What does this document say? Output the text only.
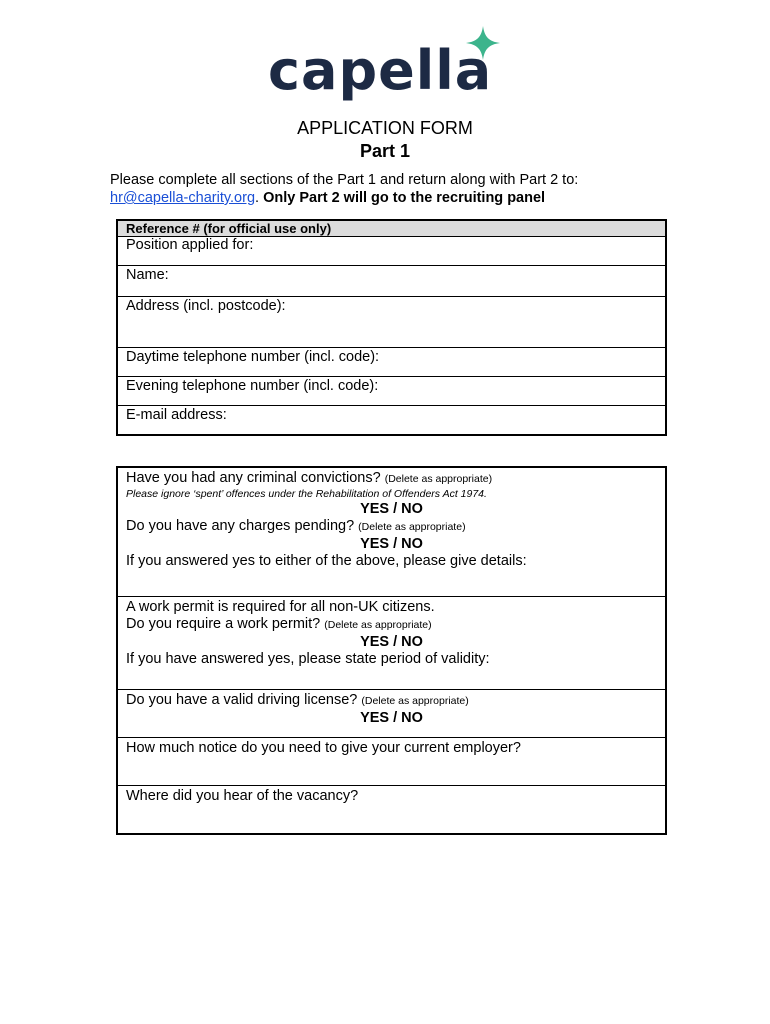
capella
APPLICATION FORM
Part 1
Please complete all sections of the Part 1 and return along with Part 2 to:
hr@capella-charity.org. Only Part 2 will go to the recruiting panel
Reference # (for official use only)
Position applied for:
Name:
Address (incl. postcode):
Daytime telephone number (incl. code):
Evening telephone number (incl. code):
E-mail address:
Have you had any criminal convictions? (Delete as appropriate)
Please ignore ‘spent’ offences under the Rehabilitation of Offenders Act 1974.
YES / NO
Do you have any charges pending? (Delete as appropriate)
YES / NO
If you answered yes to either of the above, please give details:

A work permit is required for all non-UK citizens.
Do you require a work permit? (Delete as appropriate)
YES / NO
If you have answered yes, please state period of validity:

Do you have a valid driving license? (Delete as appropriate)
YES / NO

How much notice do you need to give your current employer?

Where did you hear of the vacancy?
